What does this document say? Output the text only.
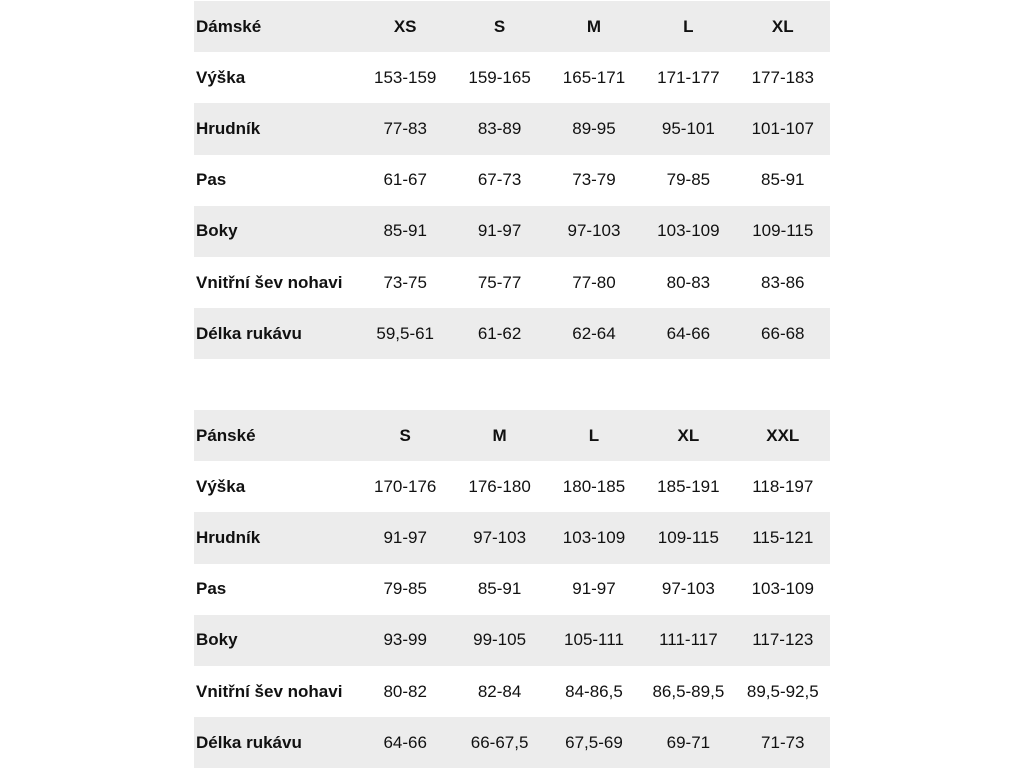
Dámské	XS	S	M	L	XL
Výška	153-159	159-165	165-171	171-177	177-183
Hrudník	77-83	83-89	89-95	95-101	101-107
Pas	61-67	67-73	73-79	79-85	85-91
Boky	85-91	91-97	97-103	103-109	109-115
Vnitřní šev nohavi	73-75	75-77	77-80	80-83	83-86
Délka rukávu	59,5-61	61-62	62-64	64-66	66-68
Pánské	S	M	L	XL	XXL
Výška	170-176	176-180	180-185	185-191	118-197
Hrudník	91-97	97-103	103-109	109-115	115-121
Pas	79-85	85-91	91-97	97-103	103-109
Boky	93-99	99-105	105-111	111-117	117-123
Vnitřní šev nohavi	80-82	82-84	84-86,5	86,5-89,5	89,5-92,5
Délka rukávu	64-66	66-67,5	67,5-69	69-71	71-73
